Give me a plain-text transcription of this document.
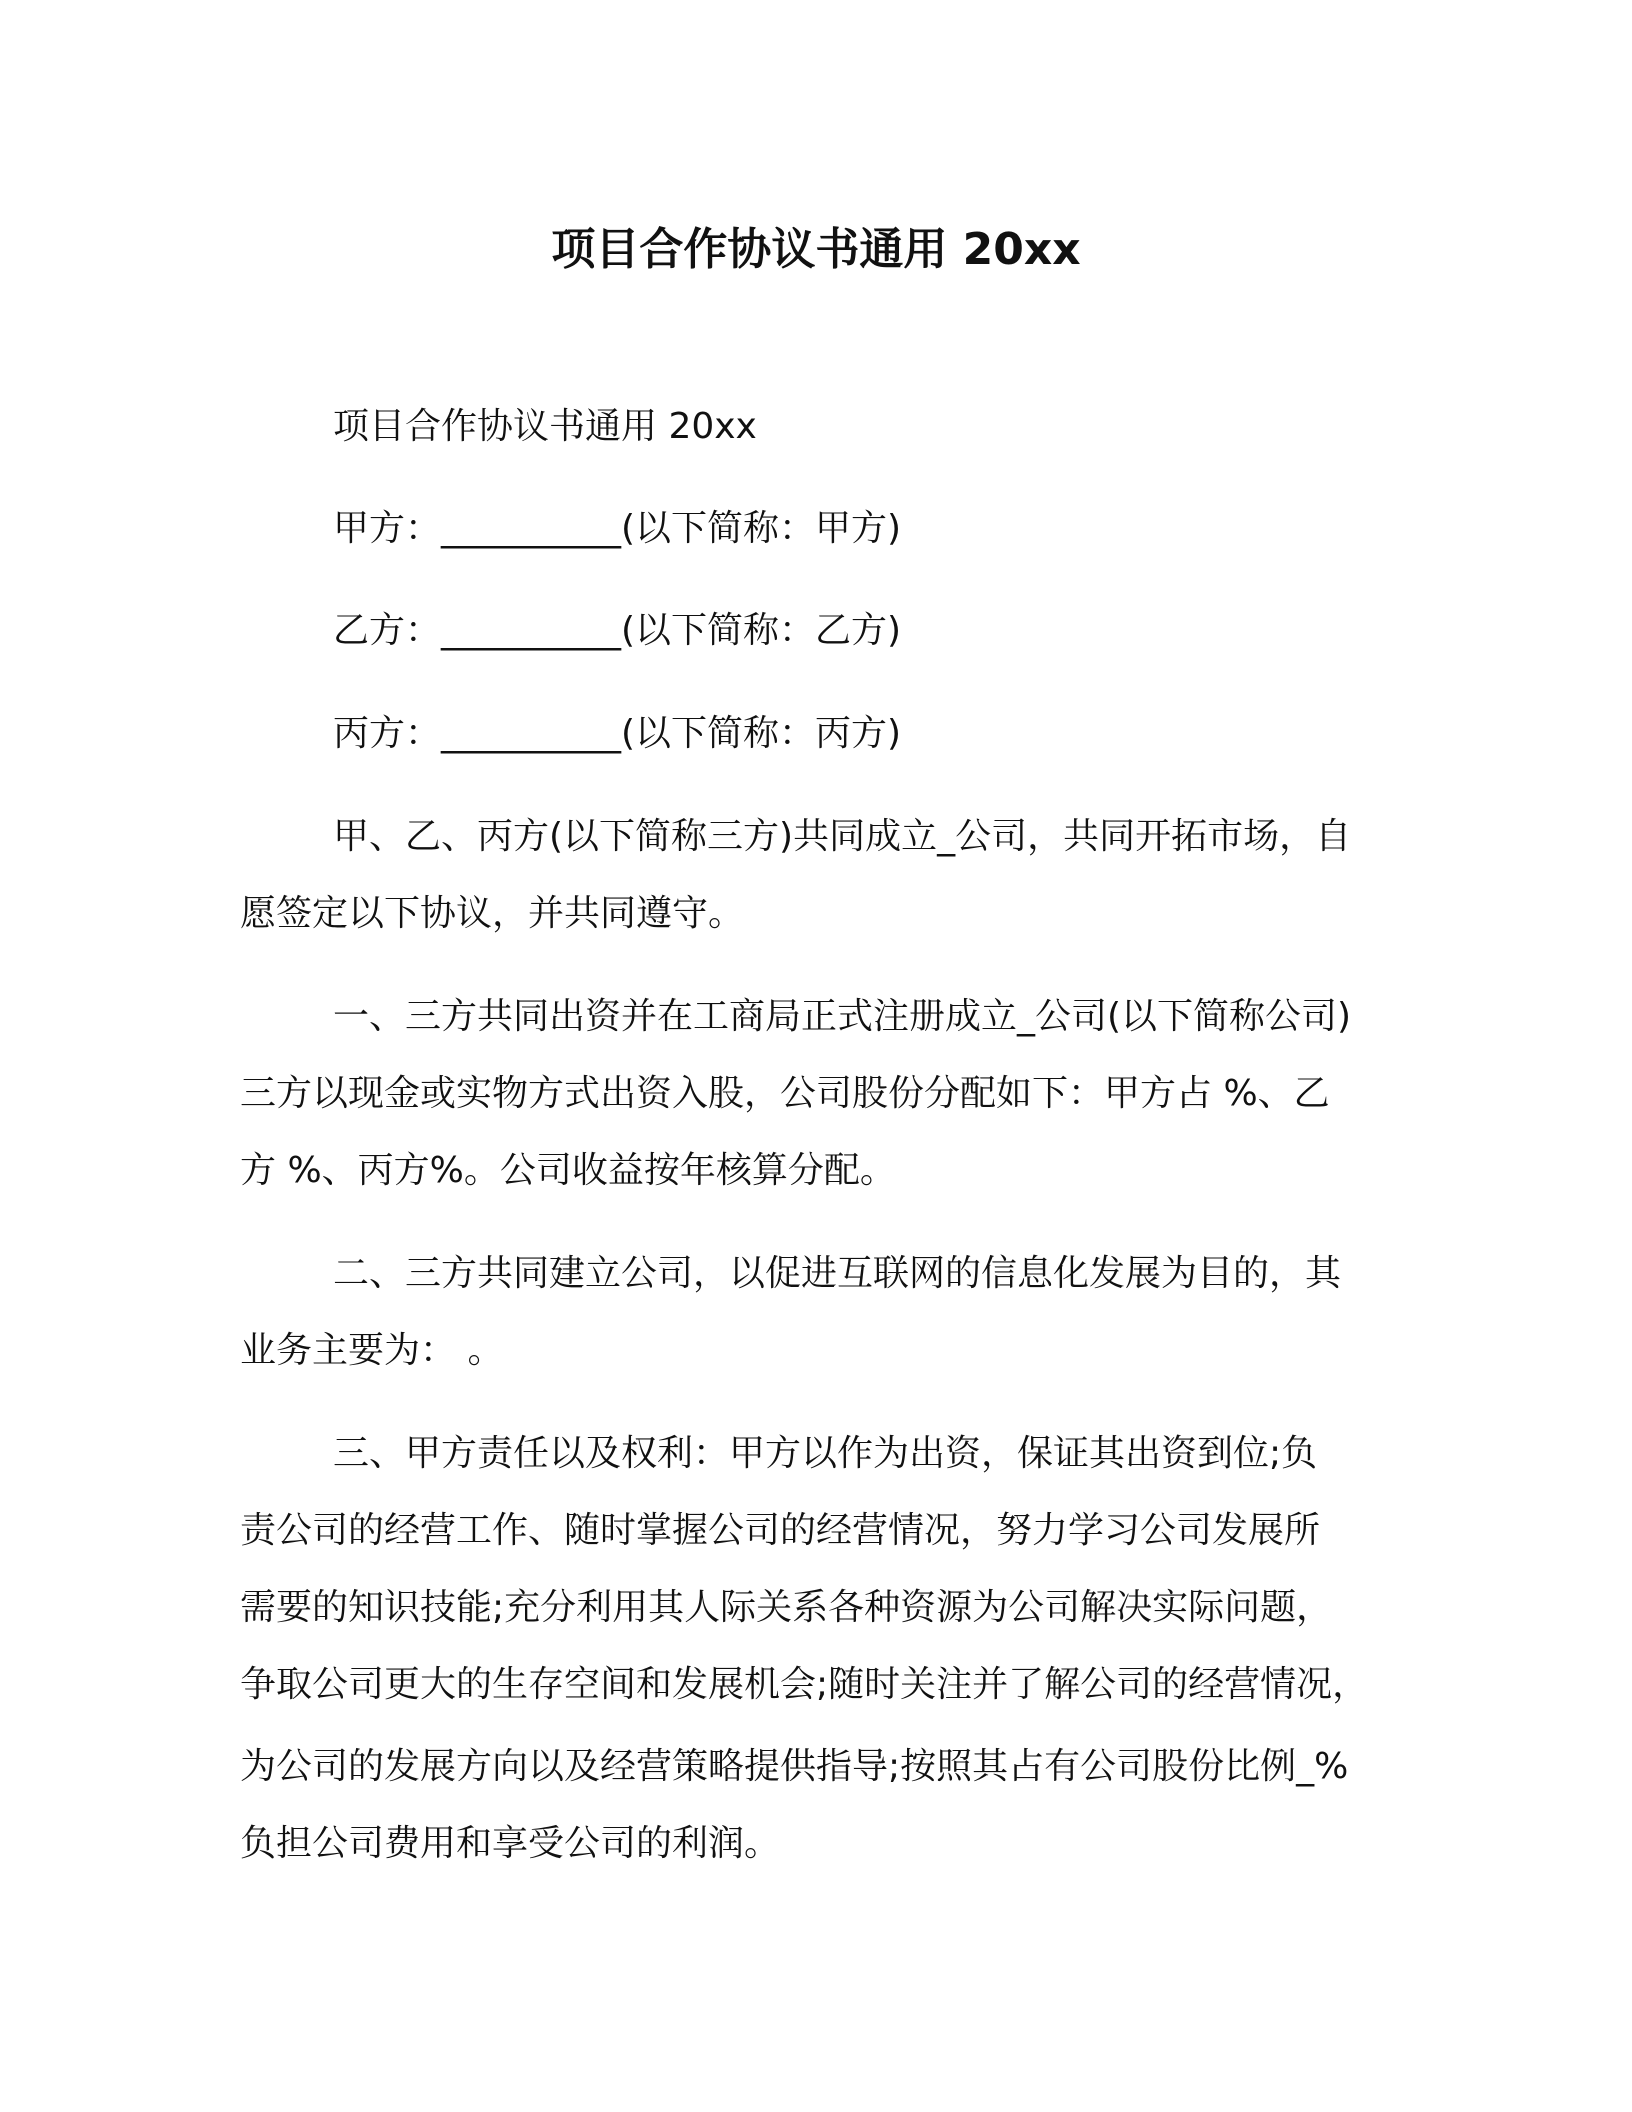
项目合作协议书通用 20xx
项目合作协议书通用 20xx
甲方：__________(以下简称：甲方)
乙方：__________(以下简称：乙方)
丙方：__________(以下简称：丙方)
甲、乙、丙方(以下简称三方)共同成立_公司，共同开拓市场，自
愿签定以下协议，并共同遵守。
一、三方共同出资并在工商局正式注册成立_公司(以下简称公司)
三方以现金或实物方式出资入股，公司股份分配如下：甲方占 %、乙
方 %、丙方%。公司收益按年核算分配。
二、三方共同建立公司，以促进互联网的信息化发展为目的，其
业务主要为： 。
三、甲方责任以及权利：甲方以作为出资，保证其出资到位;负
责公司的经营工作、随时掌握公司的经营情况，努力学习公司发展所
需要的知识技能;充分利用其人际关系各种资源为公司解决实际问题，
争取公司更大的生存空间和发展机会;随时关注并了解公司的经营情况，
为公司的发展方向以及经营策略提供指导;按照其占有公司股份比例_%
负担公司费用和享受公司的利润。
